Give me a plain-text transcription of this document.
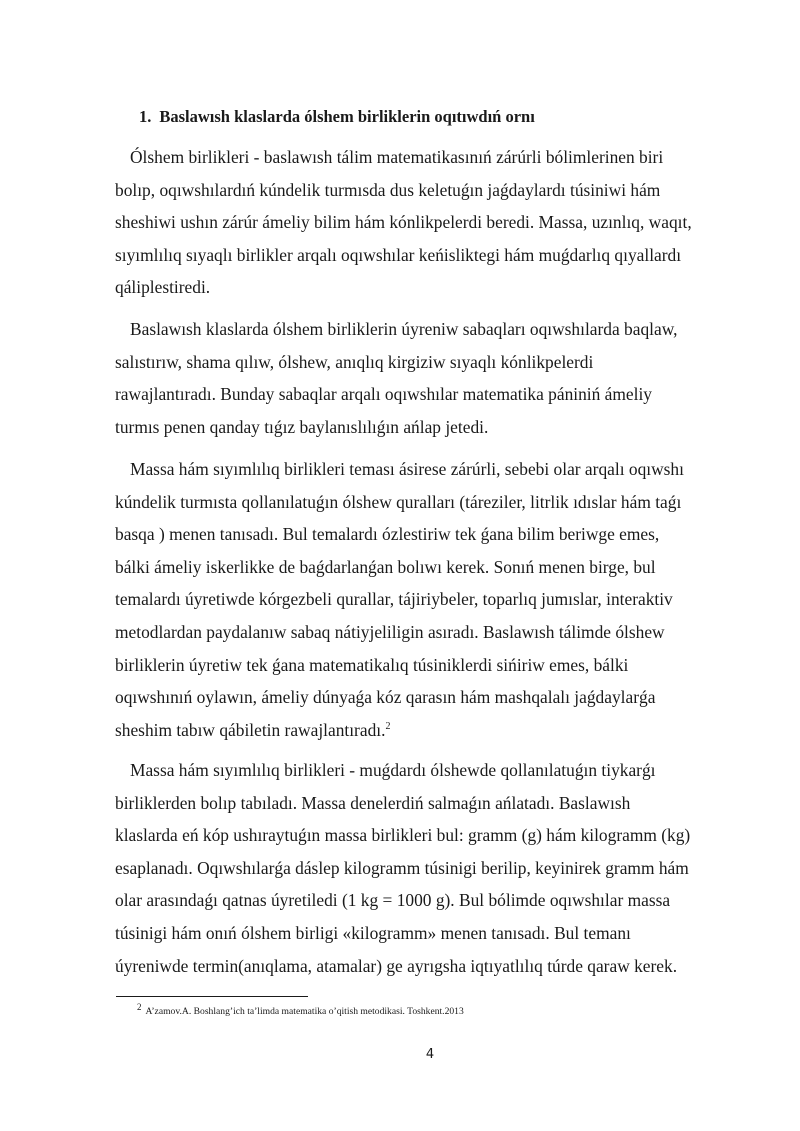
1. Baslawısh klaslarda ólshem birliklerin oqıtıwdıń ornı

Ólshem birlikleri - baslawısh tálim matematikasınıń zárúrli bólimlerinen biri
bolıp, oqıwshılardıń kúndelik turmısda dus keletuǵın jaǵdaylardı túsiniwi hám
sheshiwi ushın zárúr ámeliy bilim hám kónlikpelerdi beredi. Massa, uzınlıq, waqıt,
sıyımlılıq sıyaqlı birlikler arqalı oqıwshılar keńisliktegi hám muǵdarlıq qıyallardı
qáliplestiredi.

Baslawısh klaslarda ólshem birliklerin úyreniw sabaqları oqıwshılarda baqlaw,
salıstırıw, shama qılıw, ólshew, anıqlıq kirgiziw sıyaqlı kónlikpelerdi
rawajlantıradı. Bunday sabaqlar arqalı oqıwshılar matematika pániniń ámeliy
turmıs penen qanday tıǵız baylanıslılıǵın ańlap jetedi.

Massa hám sıyımlılıq birlikleri teması ásirese zárúrli, sebebi olar arqalı oqıwshı
kúndelik turmısta qollanılatuǵın ólshew quralları (táreziler, litrlik ıdıslar hám taǵı
basqa ) menen tanısadı. Bul temalardı ózlestiriw tek ǵana bilim beriwge emes,
bálki ámeliy iskerlikke de baǵdarlanǵan bolıwı kerek. Sonıń menen birge, bul
temalardı úyretiwde kórgezbeli qurallar, tájiriybeler, toparlıq jumıslar, interaktiv
metodlardan paydalanıw sabaq nátiyjeliligin asıradı. Baslawısh tálimde ólshew
birliklerin úyretiw tek ǵana matematikalıq túsiniklerdi sińiriw emes, bálki
oqıwshınıń oylawın, ámeliy dúnyaǵa kóz qarasın hám mashqalalı jaǵdaylarǵa
sheshim tabıw qábiletin rawajlantıradı.$^2$

Massa hám sıyımlılıq birlikleri - muǵdardı ólshewde qollanılatuǵın tiykarǵı
birliklerden bolıp tabıladı. Massa denelerdiń salmaǵın ańlatadı. Baslawısh
klaslarda eń kóp ushıraytuǵın massa birlikleri bul: gramm (g) hám kilogramm (kg)
esaplanadı. Oqıwshılarǵa dáslep kilogramm túsinigi berilip, keyinirek gramm hám
olar arasındaǵı qatnas úyretiledi (1 kg = 1000 g). Bul bólimde oqıwshılar massa
túsinigi hám onıń ólshem birligi «kilogramm» menen tanısadı. Bul temanı
úyreniwde termin(anıqlama, atamalar) ge ayrıgsha iqtıyatlılıq túrde qaraw kerek.

$^2$ A’zamov.A. Boshlang’ich ta’limda matematika o’qitish metodikasi. Toshkent.2013
4
